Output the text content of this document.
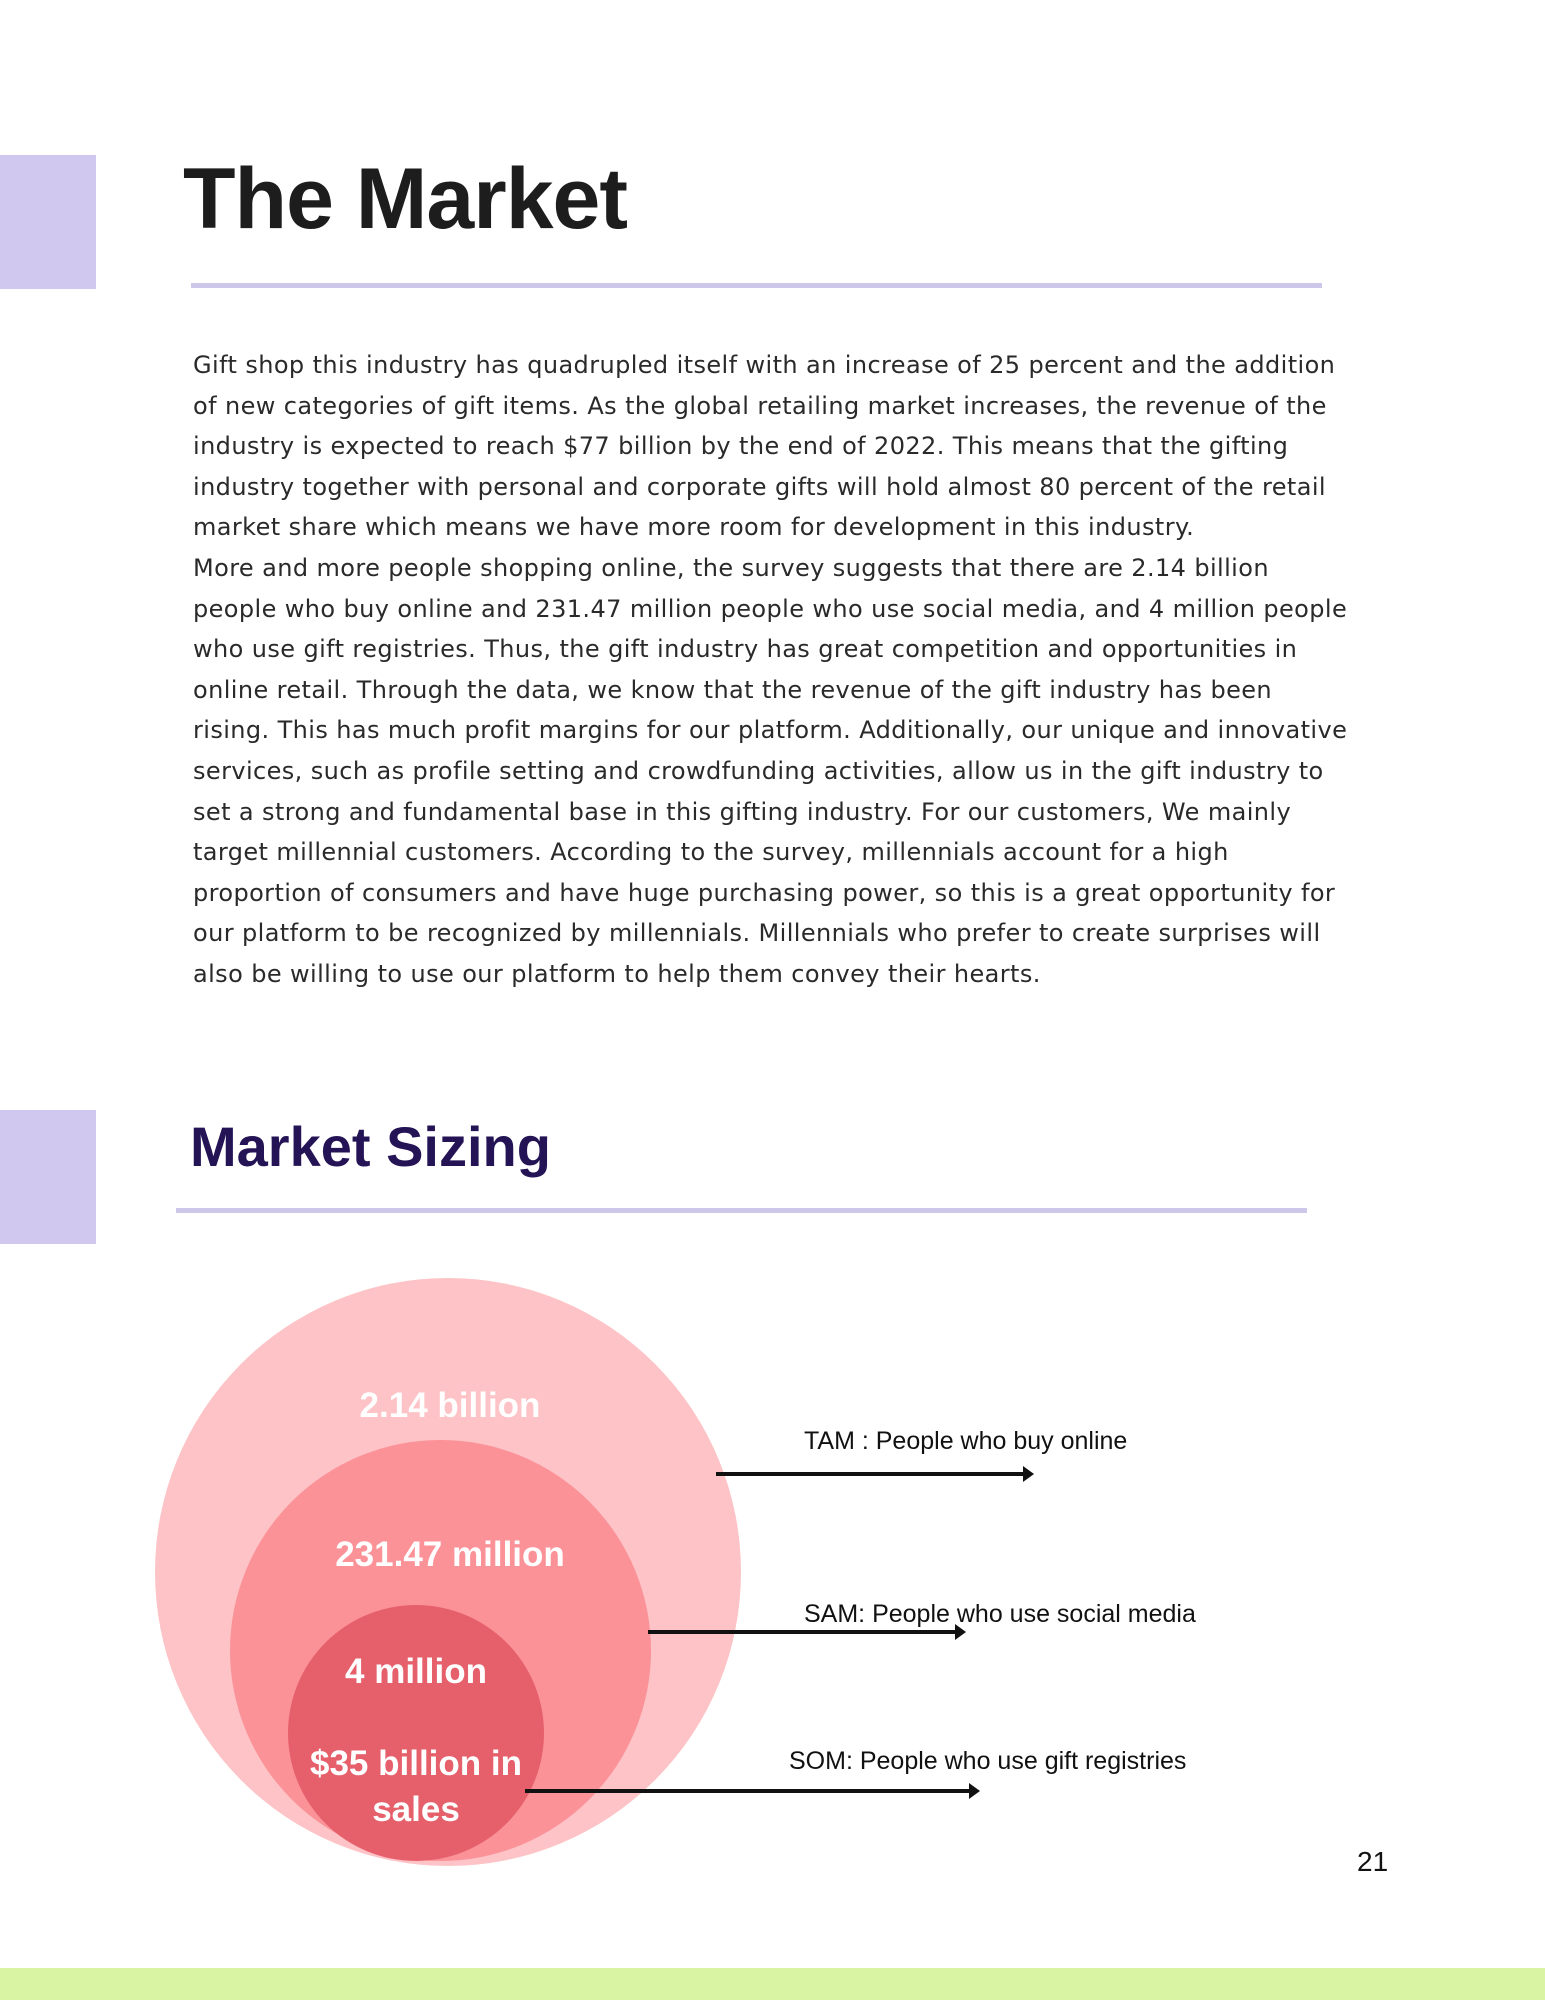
The Market

Gift shop this industry has quadrupled itself with an increase of 25 percent and the addition of new categories of gift items. As the global retailing market increases, the revenue of the industry is expected to reach $77 billion by the end of 2022. This means that the gifting industry together with personal and corporate gifts will hold almost 80 percent of the retail market share which means we have more room for development in this industry.

More and more people shopping online, the survey suggests that there are 2.14 billion people who buy online and 231.47 million people who use social media, and 4 million people who use gift registries. Thus, the gift industry has great competition and opportunities in online retail. Through the data, we know that the revenue of the gift industry has been rising. This has much profit margins for our platform. Additionally, our unique and innovative services, such as profile setting and crowdfunding activities, allow us in the gift industry to set a strong and fundamental base in this gifting industry. For our customers, We mainly target millennial customers. According to the survey, millennials account for a high proportion of consumers and have huge purchasing power, so this is a great opportunity for our platform to be recognized by millennials. Millennials who prefer to create surprises will also be willing to use our platform to help them convey their hearts.

Market Sizing
2.14 billion
231.47 million
4 million
$35 billion in
sales
TAM : People who buy online
SAM: People who use social media
SOM: People who use gift registries
21
